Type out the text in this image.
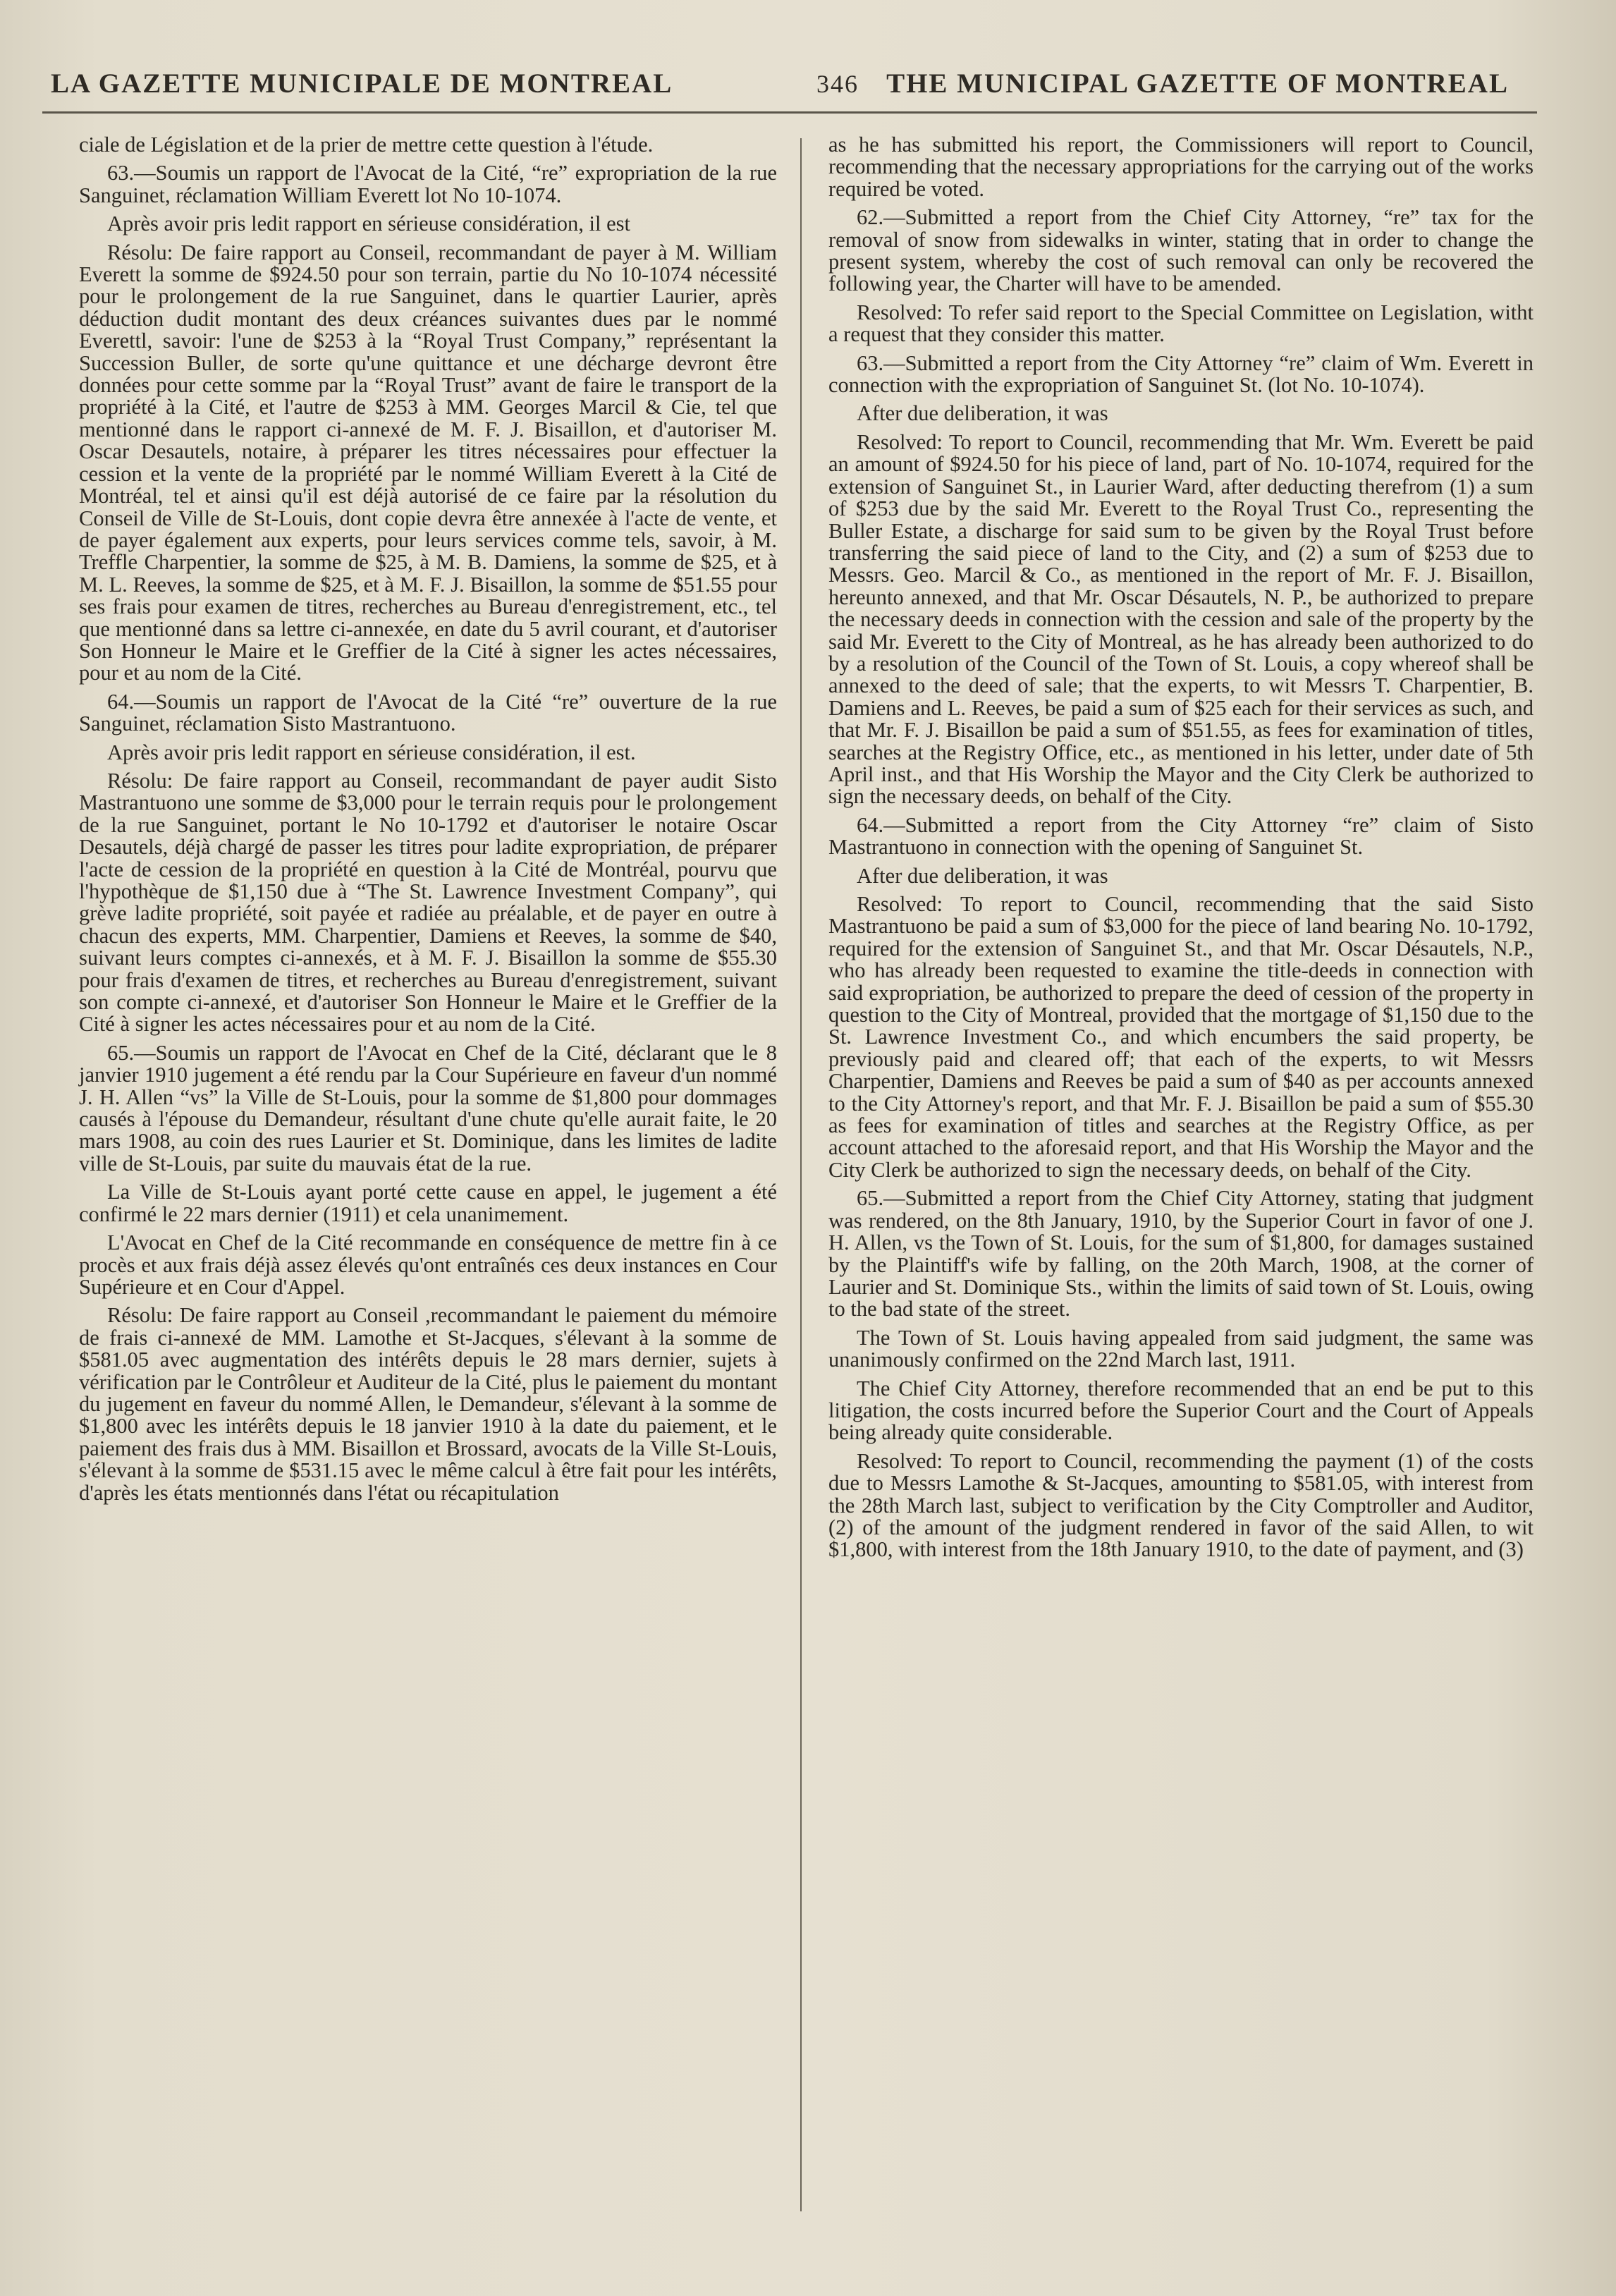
LA GAZETTE MUNICIPALE DE MONTREAL	346 THE MUNICIPAL GAZETTE OF MONTREAL

ciale de Législation et de la prier de mettre cette question à l'étude.

63.—Soumis un rapport de l'Avocat de la Cité, “re” expropriation de la rue Sanguinet, réclamation William Everett lot No 10-1074.

Après avoir pris ledit rapport en sérieuse considération, il est

Résolu: De faire rapport au Conseil, recommandant de payer à M. William Everett la somme de $924.50 pour son terrain, partie du No 10-1074 nécessité pour le prolongement de la rue Sanguinet, dans le quartier Laurier, après déduction dudit montant des deux créances suivantes dues par le nommé Everettl, savoir: l'une de $253 à la “Royal Trust Company,” représentant la Succession Buller, de sorte qu'une quittance et une décharge devront être données pour cette somme par la “Royal Trust” avant de faire le transport de la propriété à la Cité, et l'autre de $253 à MM. Georges Marcil & Cie, tel que mentionné dans le rapport ci-annexé de M. F. J. Bisaillon, et d'autoriser M. Oscar Desautels, notaire, à préparer les titres nécessaires pour effectuer la cession et la vente de la propriété par le nommé William Everett à la Cité de Montréal, tel et ainsi qu'il est déjà autorisé de ce faire par la résolution du Conseil de Ville de St-Louis, dont copie devra être annexée à l'acte de vente, et de payer également aux experts, pour leurs services comme tels, savoir, à M. Treffle Charpentier, la somme de $25, à M. B. Damiens, la somme de $25, et à M. L. Reeves, la somme de $25, et à M. F. J. Bisaillon, la somme de $51.55 pour ses frais pour examen de titres, recherches au Bureau d'enregistrement, etc., tel que mentionné dans sa lettre ci-annexée, en date du 5 avril courant, et d'autoriser Son Honneur le Maire et le Greffier de la Cité à signer les actes nécessaires, pour et au nom de la Cité.

64.—Soumis un rapport de l'Avocat de la Cité “re” ouverture de la rue Sanguinet, réclamation Sisto Mastrantuono.

Après avoir pris ledit rapport en sérieuse considération, il est.

Résolu: De faire rapport au Conseil, recommandant de payer audit Sisto Mastrantuono une somme de $3,000 pour le terrain requis pour le prolongement de la rue Sanguinet, portant le No 10-1792 et d'autoriser le notaire Oscar Desautels, déjà chargé de passer les titres pour ladite expropriation, de préparer l'acte de cession de la propriété en question à la Cité de Montréal, pourvu que l'hypothèque de $1,150 due à “The St. Lawrence Investment Company”, qui grève ladite propriété, soit payée et radiée au préalable, et de payer en outre à chacun des experts, MM. Charpentier, Damiens et Reeves, la somme de $40, suivant leurs comptes ci-annexés, et à M. F. J. Bisaillon la somme de $55.30 pour frais d'examen de titres, et recherches au Bureau d'enregistrement, suivant son compte ci-annexé, et d'autoriser Son Honneur le Maire et le Greffier de la Cité à signer les actes nécessaires pour et au nom de la Cité.

65.—Soumis un rapport de l'Avocat en Chef de la Cité, déclarant que le 8 janvier 1910 jugement a été rendu par la Cour Supérieure en faveur d'un nommé J. H. Allen “vs” la Ville de St-Louis, pour la somme de $1,800 pour dommages causés à l'épouse du Demandeur, résultant d'une chute qu'elle aurait faite, le 20 mars 1908, au coin des rues Laurier et St. Dominique, dans les limites de ladite ville de St-Louis, par suite du mauvais état de la rue.

La Ville de St-Louis ayant porté cette cause en appel, le jugement a été confirmé le 22 mars dernier (1911) et cela unanimement.

L'Avocat en Chef de la Cité recommande en conséquence de mettre fin à ce procès et aux frais déjà assez élevés qu'ont entraînés ces deux instances en Cour Supérieure et en Cour d'Appel.

Résolu: De faire rapport au Conseil ,recommandant le paiement du mémoire de frais ci-annexé de MM. Lamothe et St-Jacques, s'élevant à la somme de $581.05 avec augmentation des intérêts depuis le 28 mars dernier, sujets à vérification par le Contrôleur et Auditeur de la Cité, plus le paiement du montant du jugement en faveur du nommé Allen, le Demandeur, s'élevant à la somme de $1,800 avec les intérêts depuis le 18 janvier 1910 à la date du paiement, et le paiement des frais dus à MM. Bisaillon et Brossard, avocats de la Ville St-Louis, s'élevant à la somme de $531.15 avec le même calcul à être fait pour les intérêts, d'après les états mentionnés dans l'état ou récapitulation

as he has submitted his report, the Commissioners will report to Council, recommending that the necessary appropriations for the carrying out of the works required be voted.

62.—Submitted a report from the Chief City Attorney, “re” tax for the removal of snow from sidewalks in winter, stating that in order to change the present system, whereby the cost of such removal can only be recovered the following year, the Charter will have to be amended.

Resolved: To refer said report to the Special Committee on Legislation, witht a request that they consider this matter.

63.—Submitted a report from the City Attorney “re” claim of Wm. Everett in connection with the expropriation of Sanguinet St. (lot No. 10-1074).

After due deliberation, it was

Resolved: To report to Council, recommending that Mr. Wm. Everett be paid an amount of $924.50 for his piece of land, part of No. 10-1074, required for the extension of Sanguinet St., in Laurier Ward, after deducting therefrom (1) a sum of $253 due by the said Mr. Everett to the Royal Trust Co., representing the Buller Estate, a discharge for said sum to be given by the Royal Trust before transferring the said piece of land to the City, and (2) a sum of $253 due to Messrs. Geo. Marcil & Co., as mentioned in the report of Mr. F. J. Bisaillon, hereunto annexed, and that Mr. Oscar Désautels, N. P., be authorized to prepare the necessary deeds in connection with the cession and sale of the property by the said Mr. Everett to the City of Montreal, as he has already been authorized to do by a resolution of the Council of the Town of St. Louis, a copy whereof shall be annexed to the deed of sale; that the experts, to wit Messrs T. Charpentier, B. Damiens and L. Reeves, be paid a sum of $25 each for their services as such, and that Mr. F. J. Bisaillon be paid a sum of $51.55, as fees for examination of titles, searches at the Registry Office, etc., as mentioned in his letter, under date of 5th April inst., and that His Worship the Mayor and the City Clerk be authorized to sign the necessary deeds, on behalf of the City.

64.—Submitted a report from the City Attorney “re” claim of Sisto Mastrantuono in connection with the opening of Sanguinet St.

After due deliberation, it was

Resolved: To report to Council, recommending that the said Sisto Mastrantuono be paid a sum of $3,000 for the piece of land bearing No. 10-1792, required for the extension of Sanguinet St., and that Mr. Oscar Désautels, N.P., who has already been requested to examine the title-deeds in connection with said expropriation, be authorized to prepare the deed of cession of the property in question to the City of Montreal, provided that the mortgage of $1,150 due to the St. Lawrence Investment Co., and which encumbers the said property, be previously paid and cleared off; that each of the experts, to wit Messrs Charpentier, Damiens and Reeves be paid a sum of $40 as per accounts annexed to the City Attorney's report, and that Mr. F. J. Bisaillon be paid a sum of $55.30 as fees for examination of titles and searches at the Registry Office, as per account attached to the aforesaid report, and that His Worship the Mayor and the City Clerk be authorized to sign the necessary deeds, on behalf of the City.

65.—Submitted a report from the Chief City Attorney, stating that judgment was rendered, on the 8th January, 1910, by the Superior Court in favor of one J. H. Allen, vs the Town of St. Louis, for the sum of $1,800, for damages sustained by the Plaintiff's wife by falling, on the 20th March, 1908, at the corner of Laurier and St. Dominique Sts., within the limits of said town of St. Louis, owing to the bad state of the street.

The Town of St. Louis having appealed from said judgment, the same was unanimously confirmed on the 22nd March last, 1911.

The Chief City Attorney, therefore recommended that an end be put to this litigation, the costs incurred before the Superior Court and the Court of Appeals being already quite considerable.

Resolved: To report to Council, recommending the payment (1) of the costs due to Messrs Lamothe & St-Jacques, amounting to $581.05, with interest from the 28th March last, subject to verification by the City Comptroller and Auditor, (2) of the amount of the judgment rendered in favor of the said Allen, to wit $1,800, with interest from the 18th January 1910, to the date of payment, and (3)
